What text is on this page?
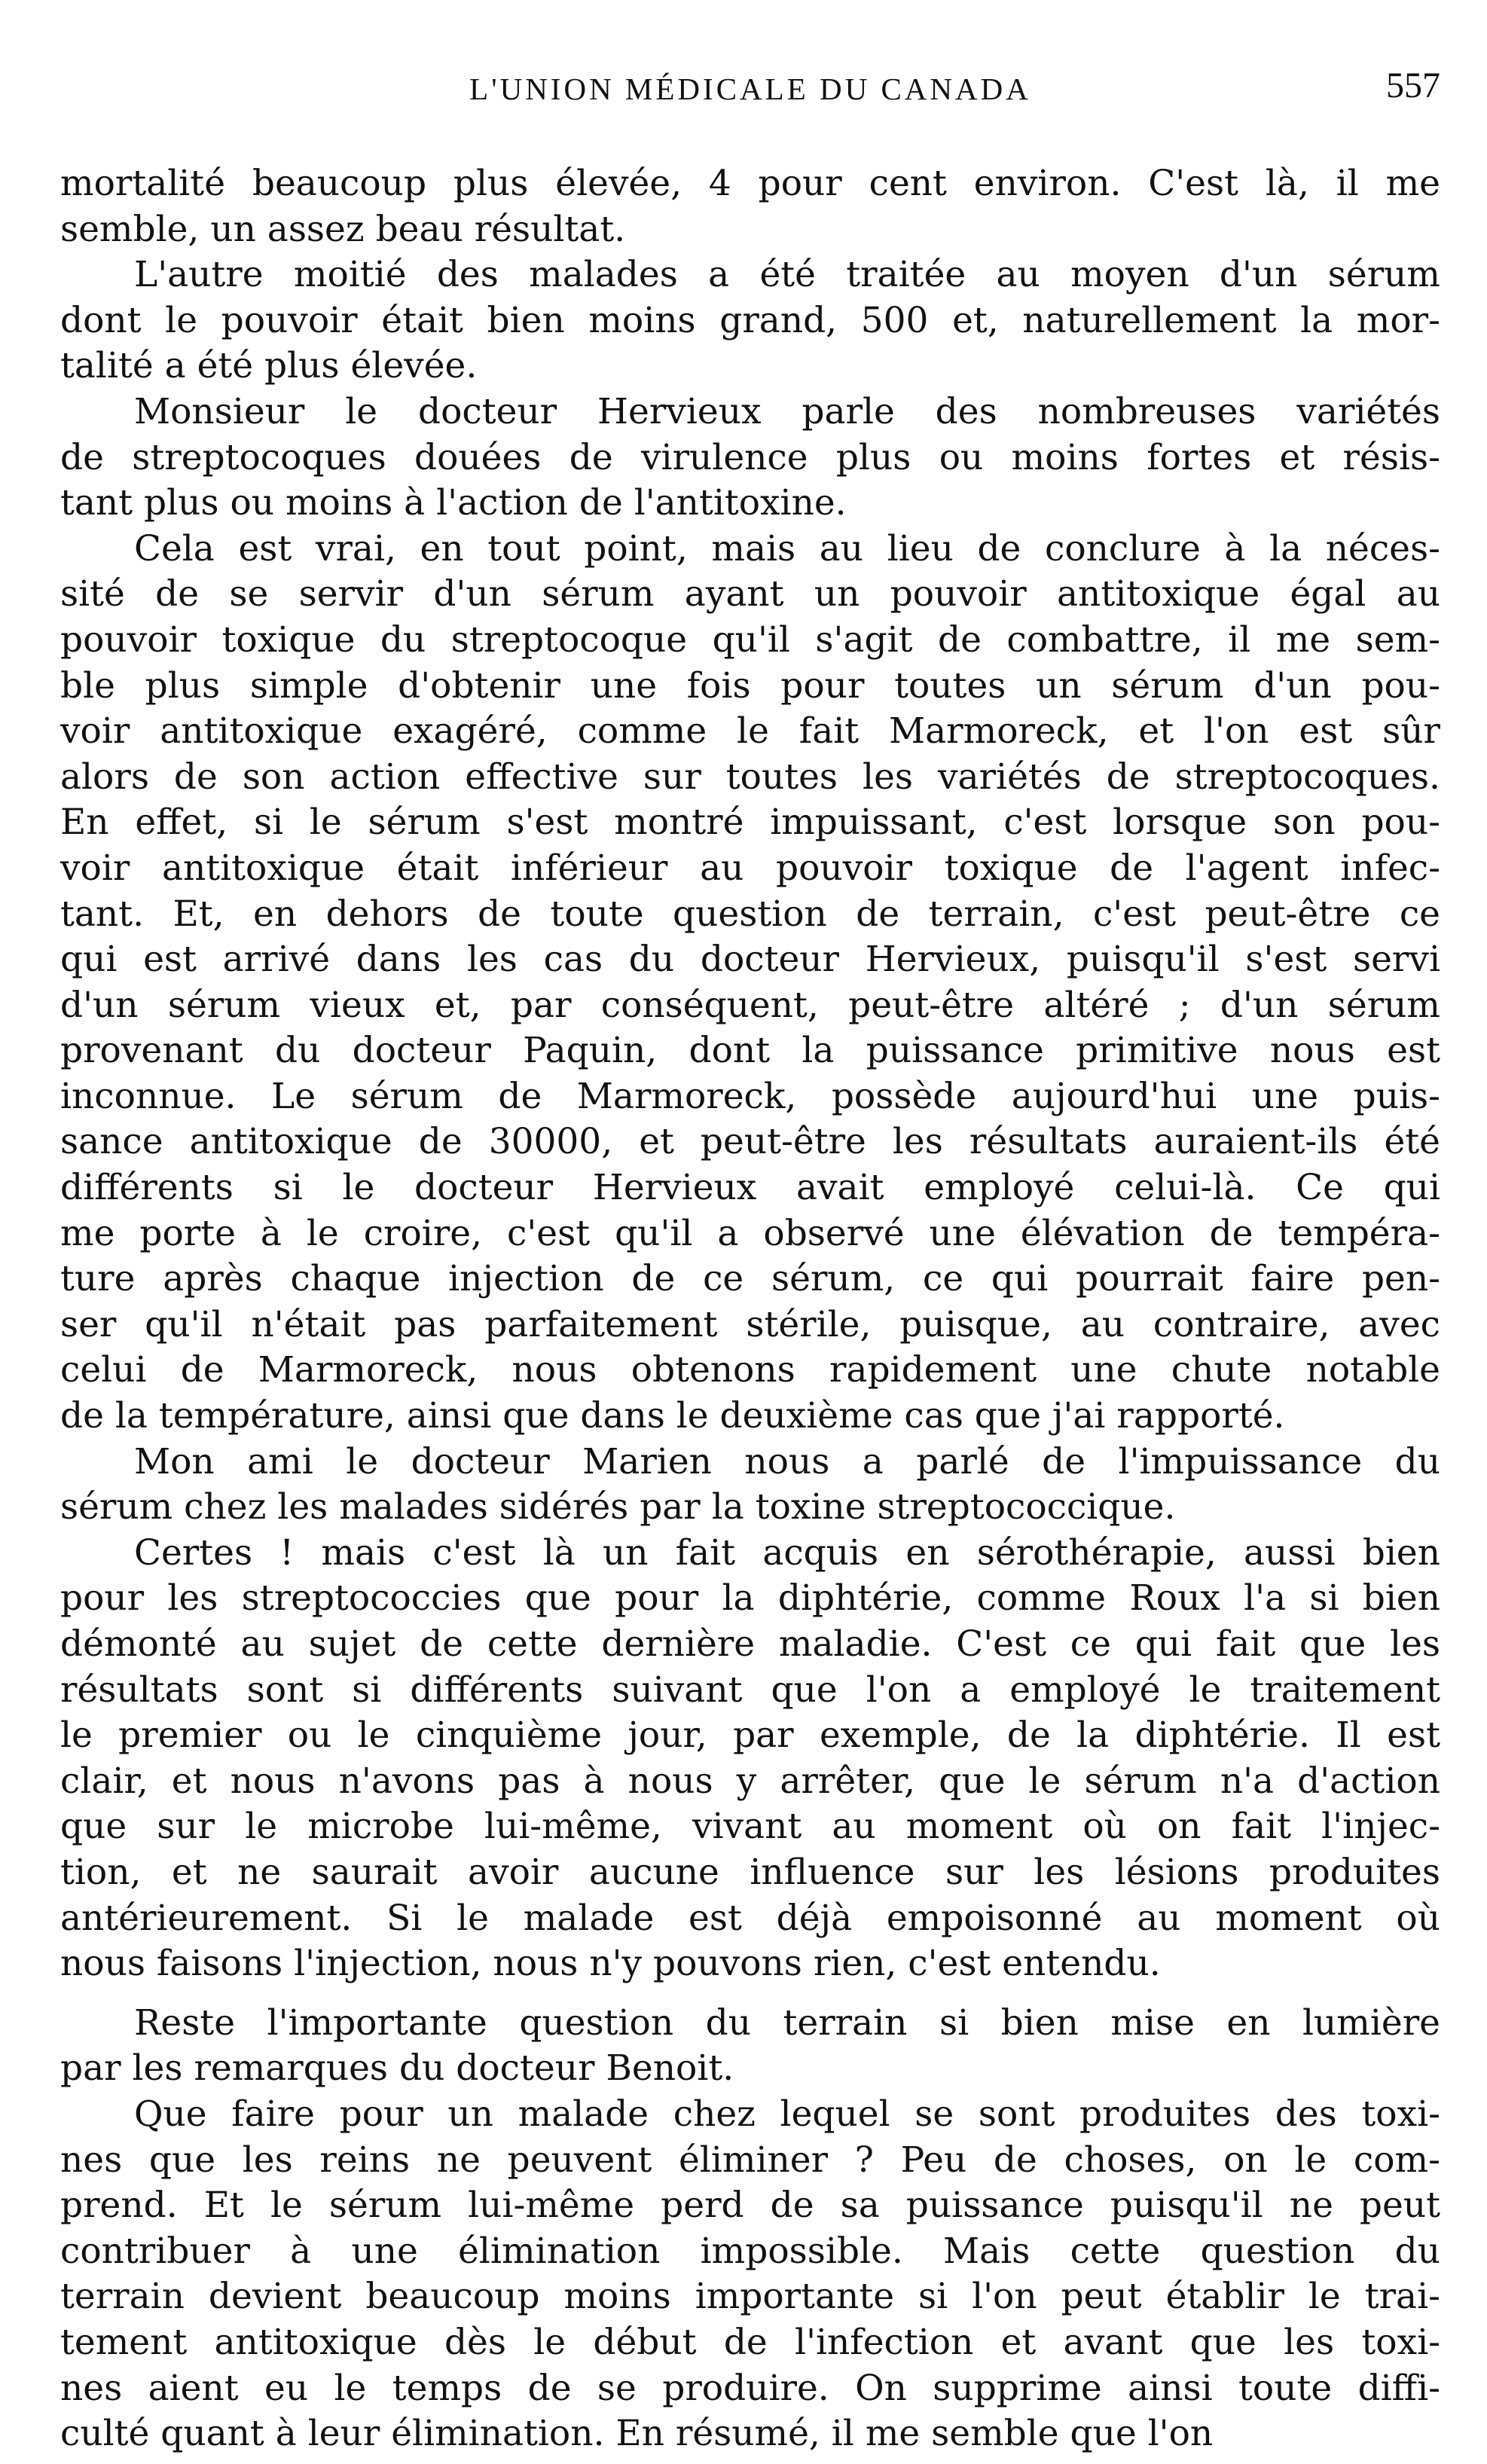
L'UNION MÉDICALE DU CANADA	557
mortalité beaucoup plus élevée, 4 pour cent environ. C'est là, il me
semble, un assez beau résultat.
L'autre moitié des malades a été traitée au moyen d'un sérum
dont le pouvoir était bien moins grand, 500 et, naturellement la mor-
talité a été plus élevée.
Monsieur le docteur Hervieux parle des nombreuses variétés
de streptocoques douées de virulence plus ou moins fortes et résis-
tant plus ou moins à l'action de l'antitoxine.
Cela est vrai, en tout point, mais au lieu de conclure à la néces-
sité de se servir d'un sérum ayant un pouvoir antitoxique égal au
pouvoir toxique du streptocoque qu'il s'agit de combattre, il me sem-
ble plus simple d'obtenir une fois pour toutes un sérum d'un pou-
voir antitoxique exagéré, comme le fait Marmoreck, et l'on est sûr
alors de son action effective sur toutes les variétés de streptocoques.
En effet, si le sérum s'est montré impuissant, c'est lorsque son pou-
voir antitoxique était inférieur au pouvoir toxique de l'agent infec-
tant. Et, en dehors de toute question de terrain, c'est peut-être ce
qui est arrivé dans les cas du docteur Hervieux, puisqu'il s'est servi
d'un sérum vieux et, par conséquent, peut-être altéré ; d'un sérum
provenant du docteur Paquin, dont la puissance primitive nous est
inconnue. Le sérum de Marmoreck, possède aujourd'hui une puis-
sance antitoxique de 30000, et peut-être les résultats auraient-ils été
différents si le docteur Hervieux avait employé celui-là. Ce qui
me porte à le croire, c'est qu'il a observé une élévation de tempéra-
ture après chaque injection de ce sérum, ce qui pourrait faire pen-
ser qu'il n'était pas parfaitement stérile, puisque, au contraire, avec
celui de Marmoreck, nous obtenons rapidement une chute notable
de la température, ainsi que dans le deuxième cas que j'ai rapporté.
Mon ami le docteur Marien nous a parlé de l'impuissance du
sérum chez les malades sidérés par la toxine streptococcique.
Certes ! mais c'est là un fait acquis en sérothérapie, aussi bien
pour les streptococcies que pour la diphtérie, comme Roux l'a si bien
démonté au sujet de cette dernière maladie. C'est ce qui fait que les
résultats sont si différents suivant que l'on a employé le traitement
le premier ou le cinquième jour, par exemple, de la diphtérie. Il est
clair, et nous n'avons pas à nous y arrêter, que le sérum n'a d'action
que sur le microbe lui-même, vivant au moment où on fait l'injec-
tion, et ne saurait avoir aucune influence sur les lésions produites
antérieurement. Si le malade est déjà empoisonné au moment où
nous faisons l'injection, nous n'y pouvons rien, c'est entendu.
Reste l'importante question du terrain si bien mise en lumière
par les remarques du docteur Benoit.
Que faire pour un malade chez lequel se sont produites des toxi-
nes que les reins ne peuvent éliminer ? Peu de choses, on le com-
prend. Et le sérum lui-même perd de sa puissance puisqu'il ne peut
contribuer à une élimination impossible. Mais cette question du
terrain devient beaucoup moins importante si l'on peut établir le trai-
tement antitoxique dès le début de l'infection et avant que les toxi-
nes aient eu le temps de se produire. On supprime ainsi toute diffi-
culté quant à leur élimination. En résumé, il me semble que l'on
